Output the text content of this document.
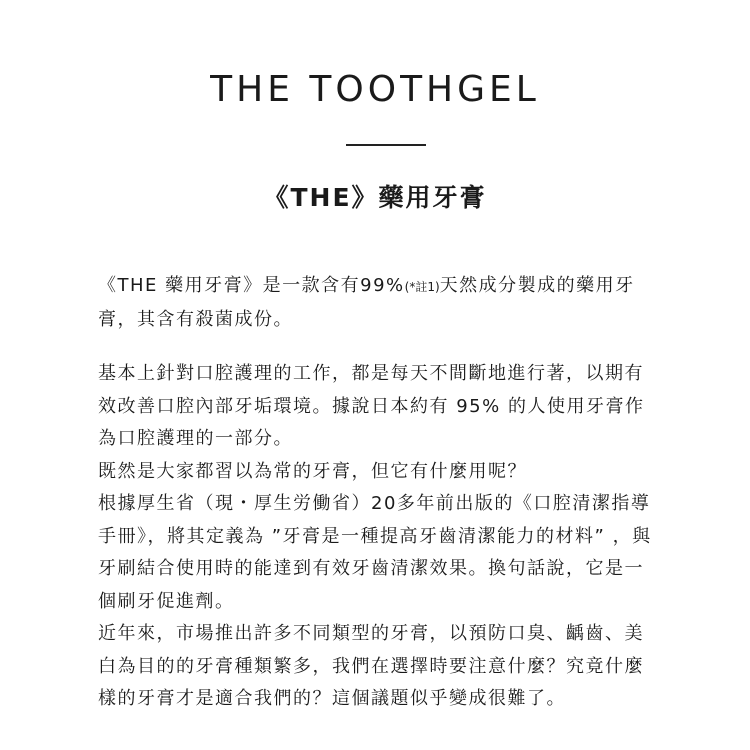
THE TOOTHGEL
《THE》藥用牙膏
《THE 藥用牙膏》是一款含有99%(*註1)天然成分製成的藥用牙膏，其含有殺菌成份。

基本上針對口腔護理的工作，都是每天不間斷地進行著，以期有效改善口腔內部牙垢環境。據說日本約有 95% 的人使用牙膏作為口腔護理的一部分。

既然是大家都習以為常的牙膏，但它有什麼用呢？

根據厚生省（現・厚生労働省）20多年前出版的《口腔清潔指導手冊》，將其定義為 ”牙膏是一種提高牙齒清潔能力的材料” ，與牙刷結合使用時的能達到有效牙齒清潔效果。換句話說，它是一個刷牙促進劑。

近年來，市場推出許多不同類型的牙膏，以預防口臭、齲齒、美白為目的的牙膏種類繁多，我們在選擇時要注意什麼？究竟什麼樣的牙膏才是適合我們的？這個議題似乎變成很難了。
